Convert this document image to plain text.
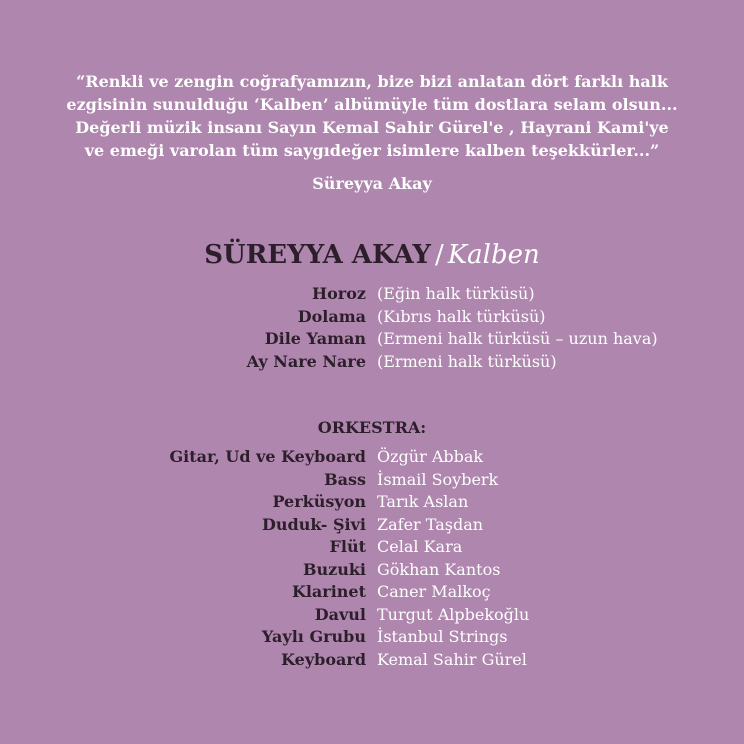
“Renkli ve zengin coğrafyamızın, bize bizi anlatan dört farklı halk
ezgisinin sunulduğu ‘Kalben’ albümüyle tüm dostlara selam olsun...
Değerli müzik insanı Sayın Kemal Sahir Gürel'e , Hayrani Kami'ye
ve emeği varolan tüm saygıdeğer isimlere kalben teşekkürler...”
Süreyya Akay
SÜREYYA AKAY / Kalben
Horoz (Eğin halk türküsü)
Dolama (Kıbrıs halk türküsü)
Dile Yaman (Ermeni halk türküsü – uzun hava)
Ay Nare Nare (Ermeni halk türküsü)
ORKESTRA:
Gitar, Ud ve Keyboard Özgür Abbak
Bass İsmail Soyberk
Perküsyon Tarık Aslan
Duduk- Şivi Zafer Taşdan
Flüt Celal Kara
Buzuki Gökhan Kantos
Klarinet Caner Malkoç
Davul Turgut Alpbekoğlu
Yaylı Grubu İstanbul Strings
Keyboard Kemal Sahir Gürel
